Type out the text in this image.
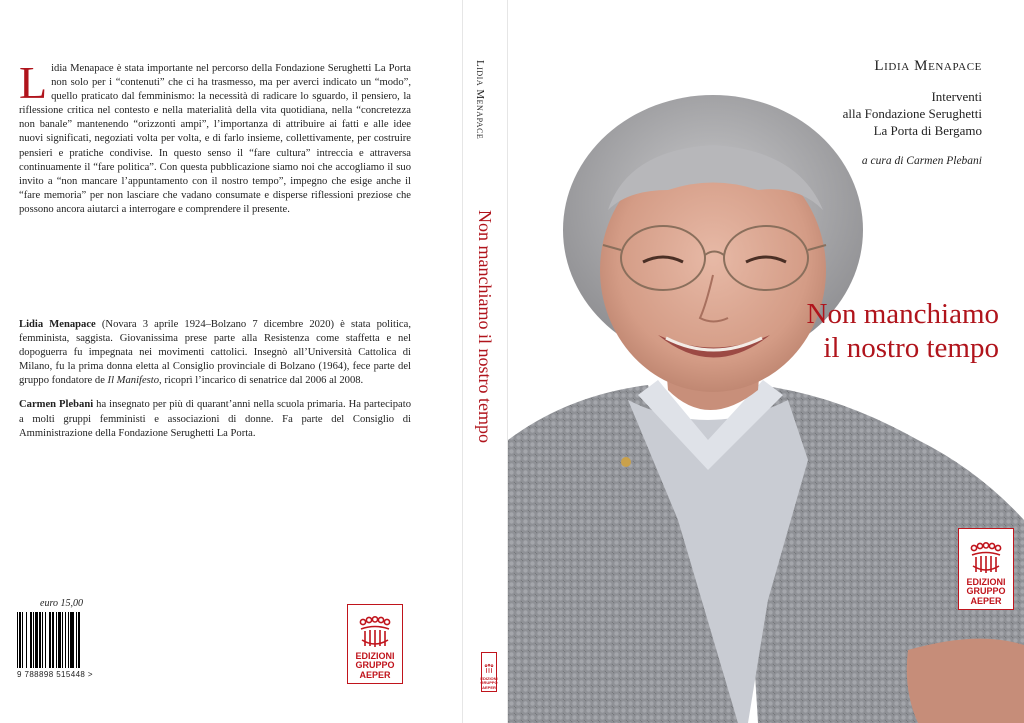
Lidia Menapace è stata importante nel percorso della Fondazione Serughetti La Porta non solo per i “contenuti” che ci ha trasmesso, ma per averci indicato un “modo”, quello praticato dal femminismo: la necessità di radicare lo sguardo, il pensiero, la riflessione critica nel contesto e nella materialità della vita quotidiana, nella “concretezza non banale” mantenendo “orizzonti ampi”, l’importanza di attribuire ai fatti e alle idee nuovi significati, negoziati volta per volta, e di farlo insieme, collettivamente, per costruire pensieri e pratiche condivise. In questo senso il “fare cultura” intreccia e attraversa continuamente il “fare politica”. Con questa pubblicazione siamo noi che accogliamo il suo invito a “non mancare l’appuntamento con il nostro tempo”, impegno che esige anche il “fare memoria” per non lasciare che vadano consumate e disperse riflessioni preziose che possono ancora aiutarci a interrogare e comprendere il presente.

Lidia Menapace (Novara 3 aprile 1924–Bolzano 7 dicembre 2020) è stata politica, femminista, saggista. Giovanissima prese parte alla Resistenza come staffetta e nel dopoguerra fu impegnata nei movimenti cattolici. Insegnò all’Università Cattolica di Milano, fu la prima donna eletta al Consiglio provinciale di Bolzano (1964), fece parte del gruppo fondatore de Il Manifesto, ricoprì l’incarico di senatrice dal 2006 al 2008.

Carmen Plebani ha insegnato per più di quarant’anni nella scuola primaria. Ha partecipato a molti gruppi femministi e associazioni di donne. Fa parte del Consiglio di Amministrazione della Fondazione Serughetti La Porta.

euro 15,00
9 788898 515448 >
EDIZIONI
GRUPPO
AEPER
Lidia Menapace
Non manchiamo il nostro tempo
EDIZIONI
GRUPPO
AEPER
Lidia Menapace
Interventi
alla Fondazione Serughetti
La Porta di Bergamo
a cura di Carmen Plebani
Non manchiamo
il nostro tempo
EDIZIONI
GRUPPO
AEPER
